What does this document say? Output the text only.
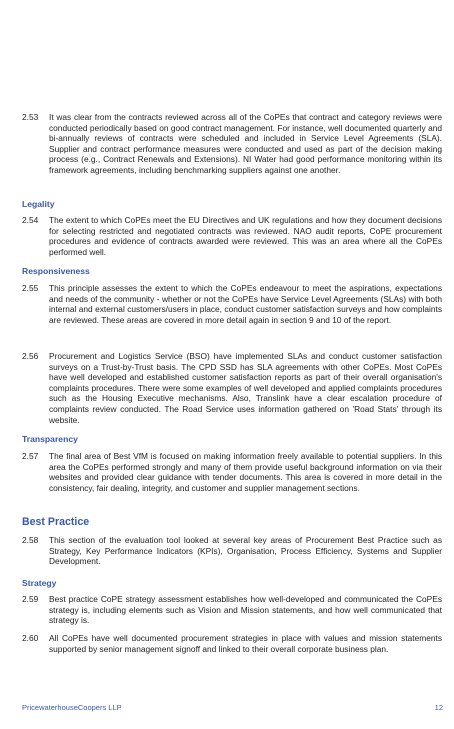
2.53	It was clear from the contracts reviewed across all of the CoPEs that contract and category reviews were conducted periodically based on good contract management. For instance, well documented quarterly and bi-annually reviews of contracts were scheduled and included in Service Level Agreements (SLA). Supplier and contract performance measures were conducted and used as part of the decision making process (e.g., Contract Renewals and Extensions). NI Water had good performance monitoring within its framework agreements, including benchmarking suppliers against one another.
Legality
2.54	The extent to which CoPEs meet the EU Directives and UK regulations and how they document decisions for selecting restricted and negotiated contracts was reviewed. NAO audit reports, CoPE procurement procedures and evidence of contracts awarded were reviewed. This was an area where all the CoPEs performed well.
Responsiveness
2.55	This principle assesses the extent to which the CoPEs endeavour to meet the aspirations, expectations and needs of the community - whether or not the CoPEs have Service Level Agreements (SLAs) with both internal and external customers/users in place, conduct customer satisfaction surveys and how complaints are reviewed. These areas are covered in more detail again in section 9 and 10 of the report.
2.56	Procurement and Logistics Service (BSO) have implemented SLAs and conduct customer satisfaction surveys on a Trust-by-Trust basis. The CPD SSD has SLA agreements with other CoPEs. Most CoPEs have well developed and established customer satisfaction reports as part of their overall organisation's complaints procedures. There were some examples of well developed and applied complaints procedures such as the Housing Executive mechanisms. Also, Translink have a clear escalation procedure of complaints review conducted. The Road Service uses information gathered on 'Road Stats' through its website.
Transparency
2.57	The final area of Best VfM is focused on making information freely available to potential suppliers. In this area the CoPEs performed strongly and many of them provide useful background information on via their websites and provided clear guidance with tender documents. This area is covered in more detail in the consistency, fair dealing, integrity, and customer and supplier management sections.
Best Practice
2.58	This section of the evaluation tool looked at several key areas of Procurement Best Practice such as Strategy, Key Performance Indicators (KPIs), Organisation, Process Efficiency, Systems and Supplier Development.
Strategy
2.59	Best practice CoPE strategy assessment establishes how well-developed and communicated the CoPEs strategy is, including elements such as Vision and Mission statements, and how well communicated that strategy is.
2.60	All CoPEs have well documented procurement strategies in place with values and mission statements supported by senior management signoff and linked to their overall corporate business plan.
PricewaterhouseCoopers LLP	12
